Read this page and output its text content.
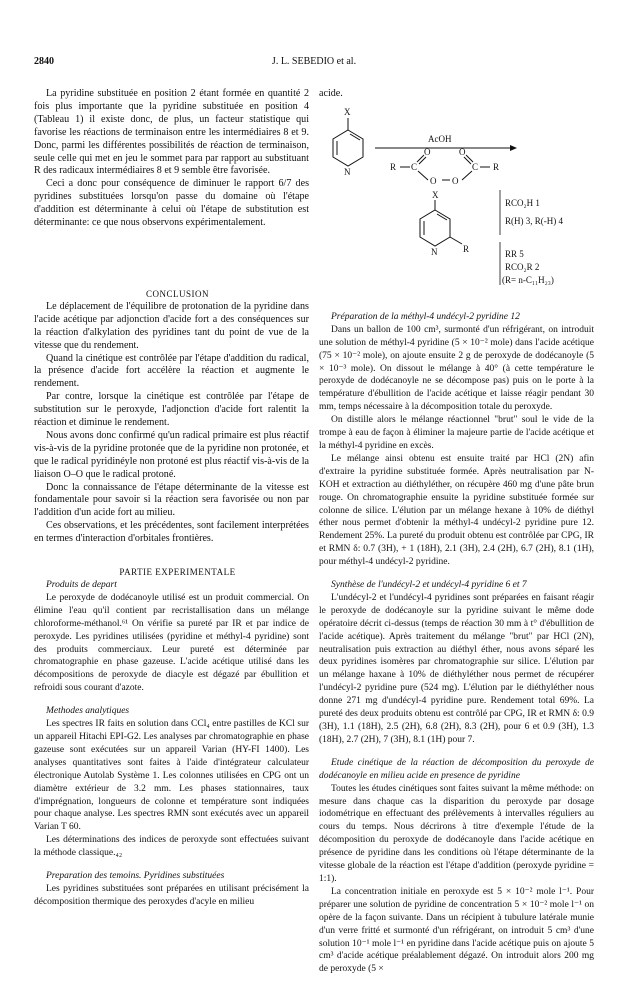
2840	J. L. SEBEDIO et al.

La pyridine substituée en position 2 étant formée en quantité 2 fois plus importante que la pyridine substituée en position 4 (Tableau 1) il existe donc, de plus, un facteur statistique qui favorise les réactions de terminaison entre les intermédiaires 8 et 9. Donc, parmi les différentes possibilités de réaction de terminaison, seule celle qui met en jeu le sommet para par rapport au substituant R des radicaux intermédiaires 8 et 9 semble être favorisée.

Ceci a donc pour conséquence de diminuer le rapport 6/7 des pyridines substituées lorsqu'on passe du domaine où l'étape d'addition est déterminante à celui où l'étape de substitution est déterminante: ce que nous observons expérimentalement.

CONCLUSION

Le déplacement de l'équilibre de protonation de la pyridine dans l'acide acétique par adjonction d'acide fort a des conséquences sur la réaction d'alkylation des pyridines tant du point de vue de la vitesse que du rendement.

Quand la cinétique est contrôlée par l'étape d'addition du radical, la présence d'acide fort accélère la réaction et augmente le rendement.

Par contre, lorsque la cinétique est contrôlée par l'étape de substitution sur le peroxyde, l'adjonction d'acide fort ralentit la réaction et diminue le rendement.

Nous avons donc confirmé qu'un radical primaire est plus réactif vis-à-vis de la pyridine protonée que de la pyridine non protonée, et que le radical pyridinéyle non protoné est plus réactif vis-à-vis de la liaison O–O que le radical protoné.

Donc la connaissance de l'étape déterminante de la vitesse est fondamentale pour savoir si la réaction sera favorisée ou non par l'addition d'un acide fort au milieu.

Ces observations, et les précédentes, sont facilement interprétées en termes d'interaction d'orbitales frontières.

PARTIE EXPERIMENTALE

Produits de depart

Le peroxyde de dodécanoyle utilisé est un produit commercial. On élimine l'eau qu'il contient par recristallisation dans un mélange chloroforme-méthanol.⁶¹ On vérifie sa pureté par IR et par indice de peroxyde. Les pyridines utilisées (pyridine et méthyl-4 pyridine) sont des produits commerciaux. Leur pureté est déterminée par chromatographie en phase gazeuse. L'acide acétique utilisé dans les décompositions de peroxyde de diacyle est dégazé par ébullition et refroidi sous courant d'azote.

Methodes analytiques

Les spectres IR faits en solution dans CCl₄ entre pastilles de KCl sur un appareil Hitachi EPI-G2. Les analyses par chromatographie en phase gazeuse sont exécutées sur un appareil Varian (HY-FI 1400). Les analyses quantitatives sont faites à l'aide d'intégrateur calculateur électronique Autolab Système 1. Les colonnes utilisées en CPG ont un diamètre extérieur de 3.2 mm. Les phases stationnaires, taux d'imprégnation, longueurs de colonne et température sont indiquées pour chaque analyse. Les spectres RMN sont exécutés avec un appareil Varian T 60.

Les déterminations des indices de peroxyde sont effectuées suivant la méthode classique.₄₂

Preparation des temoins. Pyridines substituées

Les pyridines substituées sont préparées en utilisant précisément la décomposition thermique des peroxydes d'acyle en milieu

acide.

Préparation de la méthyl-4 undécyl-2 pyridine 12

Dans un ballon de 100 cm³, surmonté d'un réfrigérant, on introduit une solution de méthyl-4 pyridine (5 × 10⁻² mole) dans l'acide acétique (75 × 10⁻² mole), on ajoute ensuite 2 g de peroxyde de dodécanoyle (5 × 10⁻³ mole). On dissout le mélange à 40° (à cette température le peroxyde de dodécanoyle ne se décompose pas) puis on le porte à la température d'ébullition de l'acide acétique et laisse réagir pendant 30 mm, temps nécessaire à la décomposition totale du peroxyde.

On distille alors le mélange réactionnel "brut" soul le vide de la trompe à eau de façon à éliminer la majeure partie de l'acide acétique et la méthyl-4 pyridine en excès.

Le mélange ainsi obtenu est ensuite traité par HCl (2N) afin d'extraire la pyridine substituée formée. Après neutralisation par N-KOH et extraction au diéthyléther, on récupère 460 mg d'une pâte brun rouge. On chromatographie ensuite la pyridine substituée formée sur colonne de silice. L'élution par un mélange hexane à 10% de diéthyl éther nous permet d'obtenir la méthyl-4 undécyl-2 pyridine pure 12. Rendement 25%. La pureté du produit obtenu est contrôlée par CPG, IR et RMN δ: 0.7 (3H), + 1 (18H), 2.1 (3H), 2.4 (2H), 6.7 (2H), 8.1 (1H), pour méthyl-4 undécyl-2 pyridine.

Synthèse de l'undécyl-2 et undécyl-4 pyridine 6 et 7

L'undécyl-2 et l'undécyl-4 pyridines sont préparées en faisant réagir le peroxyde de dodécanoyle sur la pyridine suivant le même dode opératoire décrit ci-dessus (temps de réaction 30 mm à t° d'ébullition de l'acide acétique). Après traitement du mélange "brut" par HCl (2N), neutralisation puis extraction au diéthyl éther, nous avons séparé les deux pyridines isomères par chromatographie sur silice. L'élution par un mélange haxane à 10% de diéthyléther nous permet de récupérer l'undécyl-2 pyridine pure (524 mg). L'élution par le diéthyléther nous donne 271 mg d'undécyl-4 pyridine pure. Rendement total 69%. La pureté des deux produits obtenu est contrôlé par CPG, IR et RMN δ: 0.9 (3H), 1.1 (18H), 2.5 (2H), 6.8 (2H), 8.3 (2H), pour 6 et 0.9 (3H), 1.3 (18H), 2.7 (2H), 7 (3H), 8.1 (1H) pour 7.

Etude cinétique de la réaction de décomposition du peroxyde de dodécanoyle en milieu acide en presence de pyridine

Toutes les études cinétiques sont faites suivant la même méthode: on mesure dans chaque cas la disparition du peroxyde par dosage iodométrique en effectuant des prélèvements à intervalles réguliers au cours du temps. Nous décrirons à titre d'exemple l'étude de la décomposition du peroxyde de dodécanoyle dans l'acide acétique en présence de pyridine dans les conditions où l'étape déterminante de la vitesse globale de la réaction est l'étape d'addition (peroxyde pyridine = 1:1).

La concentration initiale en peroxyde est 5 × 10⁻² mole l⁻¹. Pour préparer une solution de pyridine de concentration 5 × 10⁻² mole l⁻¹ on opère de la façon suivante. Dans un récipient à tubulure latérale munie d'un verre fritté et surmonté d'un réfrigérant, on introduit 5 cm³ d'une solution 10⁻¹ mole l⁻¹ en pyridine dans l'acide acétique puis on ajoute 5 cm³ d'acide acétique préalablement dégazé. On introduit alors 200 mg de peroxyde (5 ×

X
N
AcOH
R C
O
O O
O
C R
X
N	R
RCO₂H 1
R(H) 3, R(-H) 4
RR 5
RCO₂R 2
(R= n-C₁₁H₂₃)
